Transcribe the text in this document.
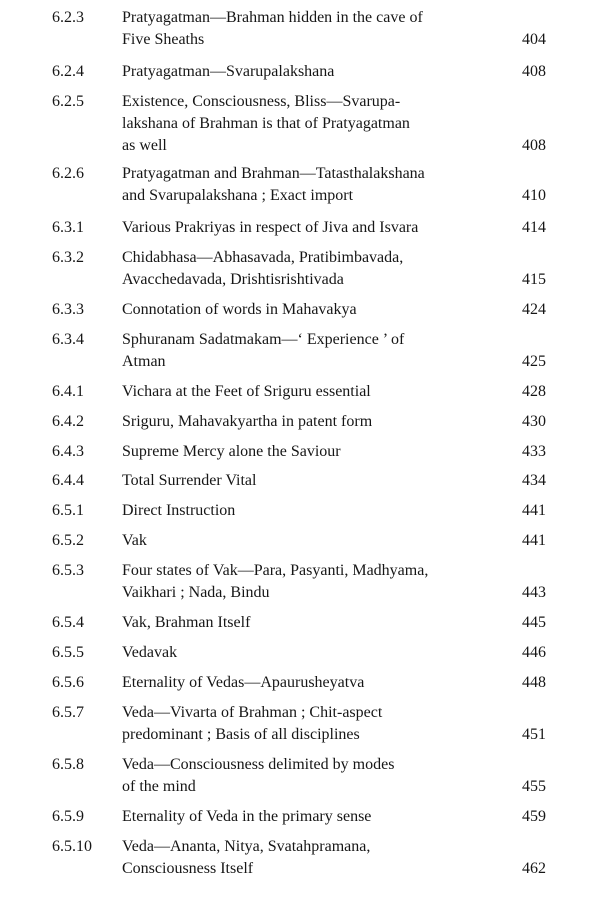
6.2.3 Pratyagatman—Brahman hidden in the cave of
Five Sheaths	404
6.2.4 Pratyagatman—Svarupalakshana	408
6.2.5 Existence, Consciousness, Bliss—Svarupa-
lakshana of Brahman is that of Pratyagatman
as well	408
6.2.6 Pratyagatman and Brahman—Tatasthalakshana
and Svarupalakshana ; Exact import	410
6.3.1 Various Prakriyas in respect of Jiva and Isvara	414
6.3.2 Chidabhasa—Abhasavada, Pratibimbavada,
Avacchedavada, Drishtisrishtivada	415
6.3.3 Connotation of words in Mahavakya	424
6.3.4 Sphuranam Sadatmakam—‘ Experience ’ of
Atman	425
6.4.1 Vichara at the Feet of Sriguru essential	428
6.4.2 Sriguru, Mahavakyartha in patent form	430
6.4.3 Supreme Mercy alone the Saviour	433
6.4.4 Total Surrender Vital	434
6.5.1 Direct Instruction	441
6.5.2 Vak	441
6.5.3 Four states of Vak—Para, Pasyanti, Madhyama,
Vaikhari ; Nada, Bindu	443
6.5.4 Vak, Brahman Itself	445
6.5.5 Vedavak	446
6.5.6 Eternality of Vedas—Apaurusheyatva	448
6.5.7 Veda—Vivarta of Brahman ; Chit-aspect
predominant ; Basis of all disciplines	451
6.5.8 Veda—Consciousness delimited by modes
of the mind	455
6.5.9 Eternality of Veda in the primary sense	459
6.5.10 Veda—Ananta, Nitya, Svatahpramana,
Consciousness Itself	462
